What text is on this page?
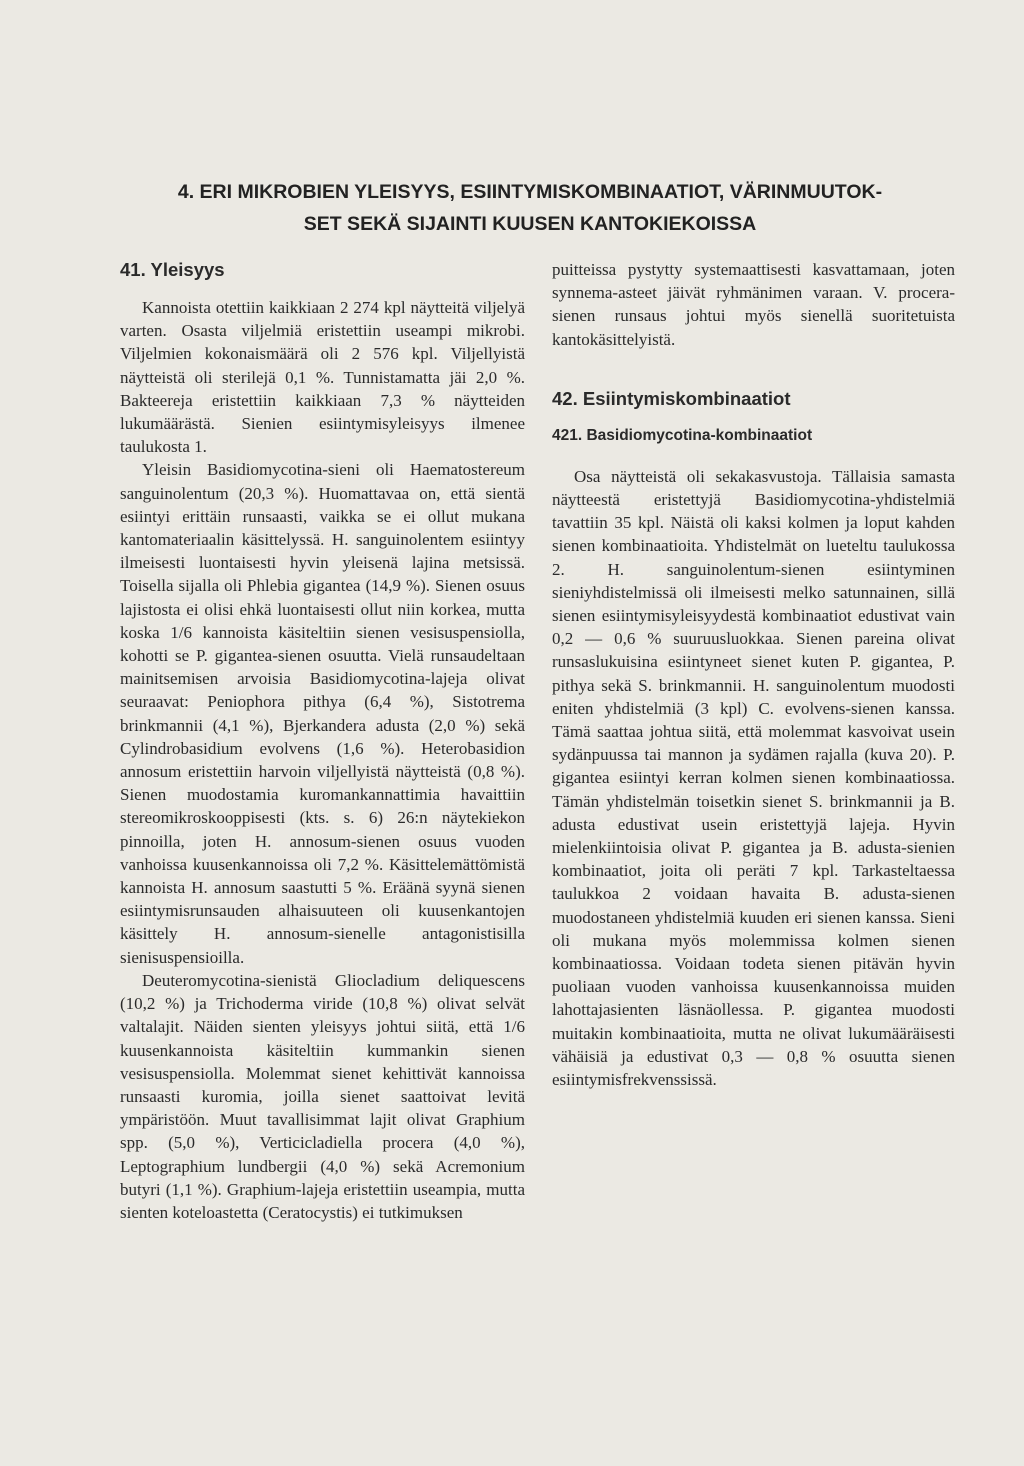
4. ERI MIKROBIEN YLEISYYS, ESIINTYMISKOMBINAATIOT, VÄRINMUUTOK-
SET SEKÄ SIJAINTI KUUSEN KANTOKIEKOISSA
41. Yleisyys

Kannoista otettiin kaikkiaan 2 274 kpl näytteitä viljelyä varten. Osasta viljelmiä eristettiin useampi mikrobi. Viljelmien kokonaismäärä oli 2 576 kpl. Viljellyistä näytteistä oli sterilejä 0,1 %. Tunnistamatta jäi 2,0 %. Bakteereja eristettiin kaikkiaan 7,3 % näytteiden lukumäärästä. Sienien esiintymisyleisyys ilmenee taulukosta 1.

Yleisin Basidiomycotina-sieni oli Haematostereum sanguinolentum (20,3 %). Huomattavaa on, että sientä esiintyi erittäin runsaasti, vaikka se ei ollut mukana kantomateriaalin käsittelyssä. H. sanguinolentem esiintyy ilmeisesti luontaisesti hyvin yleisenä lajina metsissä. Toisella sijalla oli Phlebia gigantea (14,9 %). Sienen osuus lajistosta ei olisi ehkä luontaisesti ollut niin korkea, mutta koska 1/6 kannoista käsiteltiin sienen vesisuspensiolla, kohotti se P. gigantea-sienen osuutta. Vielä runsaudeltaan mainitsemisen arvoisia Basidiomycotina-lajeja olivat seuraavat: Peniophora pithya (6,4 %), Sistotrema brinkmannii (4,1 %), Bjerkandera adusta (2,0 %) sekä Cylindrobasidium evolvens (1,6 %). Heterobasidion annosum eristettiin harvoin viljellyistä näytteistä (0,8 %). Sienen muodostamia kuromankannattimia havaittiin stereomikroskooppisesti (kts. s. 6) 26:n näytekiekon pinnoilla, joten H. annosum-sienen osuus vuoden vanhoissa kuusenkannoissa oli 7,2 %. Käsittelemättömistä kannoista H. annosum saastutti 5 %. Eräänä syynä sienen esiintymisrunsauden alhaisuuteen oli kuusenkantojen käsittely H. annosum-sienelle antagonistisilla sienisuspensioilla.

Deuteromycotina-sienistä Gliocladium deliquescens (10,2 %) ja Trichoderma viride (10,8 %) olivat selvät valtalajit. Näiden sienten yleisyys johtui siitä, että 1/6 kuusenkannoista käsiteltiin kummankin sienen vesisuspensiolla. Molemmat sienet kehittivät kannoissa runsaasti kuromia, joilla sienet saattoivat levitä ympäristöön. Muut tavallisimmat lajit olivat Graphium spp. (5,0 %), Verticicladiella procera (4,0 %), Leptographium lundbergii (4,0 %) sekä Acremonium butyri (1,1 %). Graphium-lajeja eristettiin useampia, mutta sienten koteloastetta (Ceratocystis) ei tutkimuksen

puitteissa pystytty systemaattisesti kasvattamaan, joten synnema-asteet jäivät ryhmänimen varaan. V. procera-sienen runsaus johtui myös sienellä suoritetuista kantokäsittelyistä.

42. Esiintymiskombinaatiot
421. Basidiomycotina-kombinaatiot

Osa näytteistä oli sekakasvustoja. Tällaisia samasta näytteestä eristettyjä Basidiomycotina-yhdistelmiä tavattiin 35 kpl. Näistä oli kaksi kolmen ja loput kahden sienen kombinaatioita. Yhdistelmät on lueteltu taulukossa 2. H. sanguinolentum-sienen esiintyminen sieniyhdistelmissä oli ilmeisesti melko satunnainen, sillä sienen esiintymisyleisyydestä kombinaatiot edustivat vain 0,2 — 0,6 % suuruusluokkaa. Sienen pareina olivat runsaslukuisina esiintyneet sienet kuten P. gigantea, P. pithya sekä S. brinkmannii. H. sanguinolentum muodosti eniten yhdistelmiä (3 kpl) C. evolvens-sienen kanssa. Tämä saattaa johtua siitä, että molemmat kasvoivat usein sydänpuussa tai mannon ja sydämen rajalla (kuva 20). P. gigantea esiintyi kerran kolmen sienen kombinaatiossa. Tämän yhdistelmän toisetkin sienet S. brinkmannii ja B. adusta edustivat usein eristettyjä lajeja. Hyvin mielenkiintoisia olivat P. gigantea ja B. adusta-sienien kombinaatiot, joita oli peräti 7 kpl. Tarkasteltaessa taulukkoa 2 voidaan havaita B. adusta-sienen muodostaneen yhdistelmiä kuuden eri sienen kanssa. Sieni oli mukana myös molemmissa kolmen sienen kombinaatiossa. Voidaan todeta sienen pitävän hyvin puoliaan vuoden vanhoissa kuusenkannoissa muiden lahottajasienten läsnäollessa. P. gigantea muodosti muitakin kombinaatioita, mutta ne olivat lukumääräisesti vähäisiä ja edustivat 0,3 — 0,8 % osuutta sienen esiintymisfrekvenssissä.
